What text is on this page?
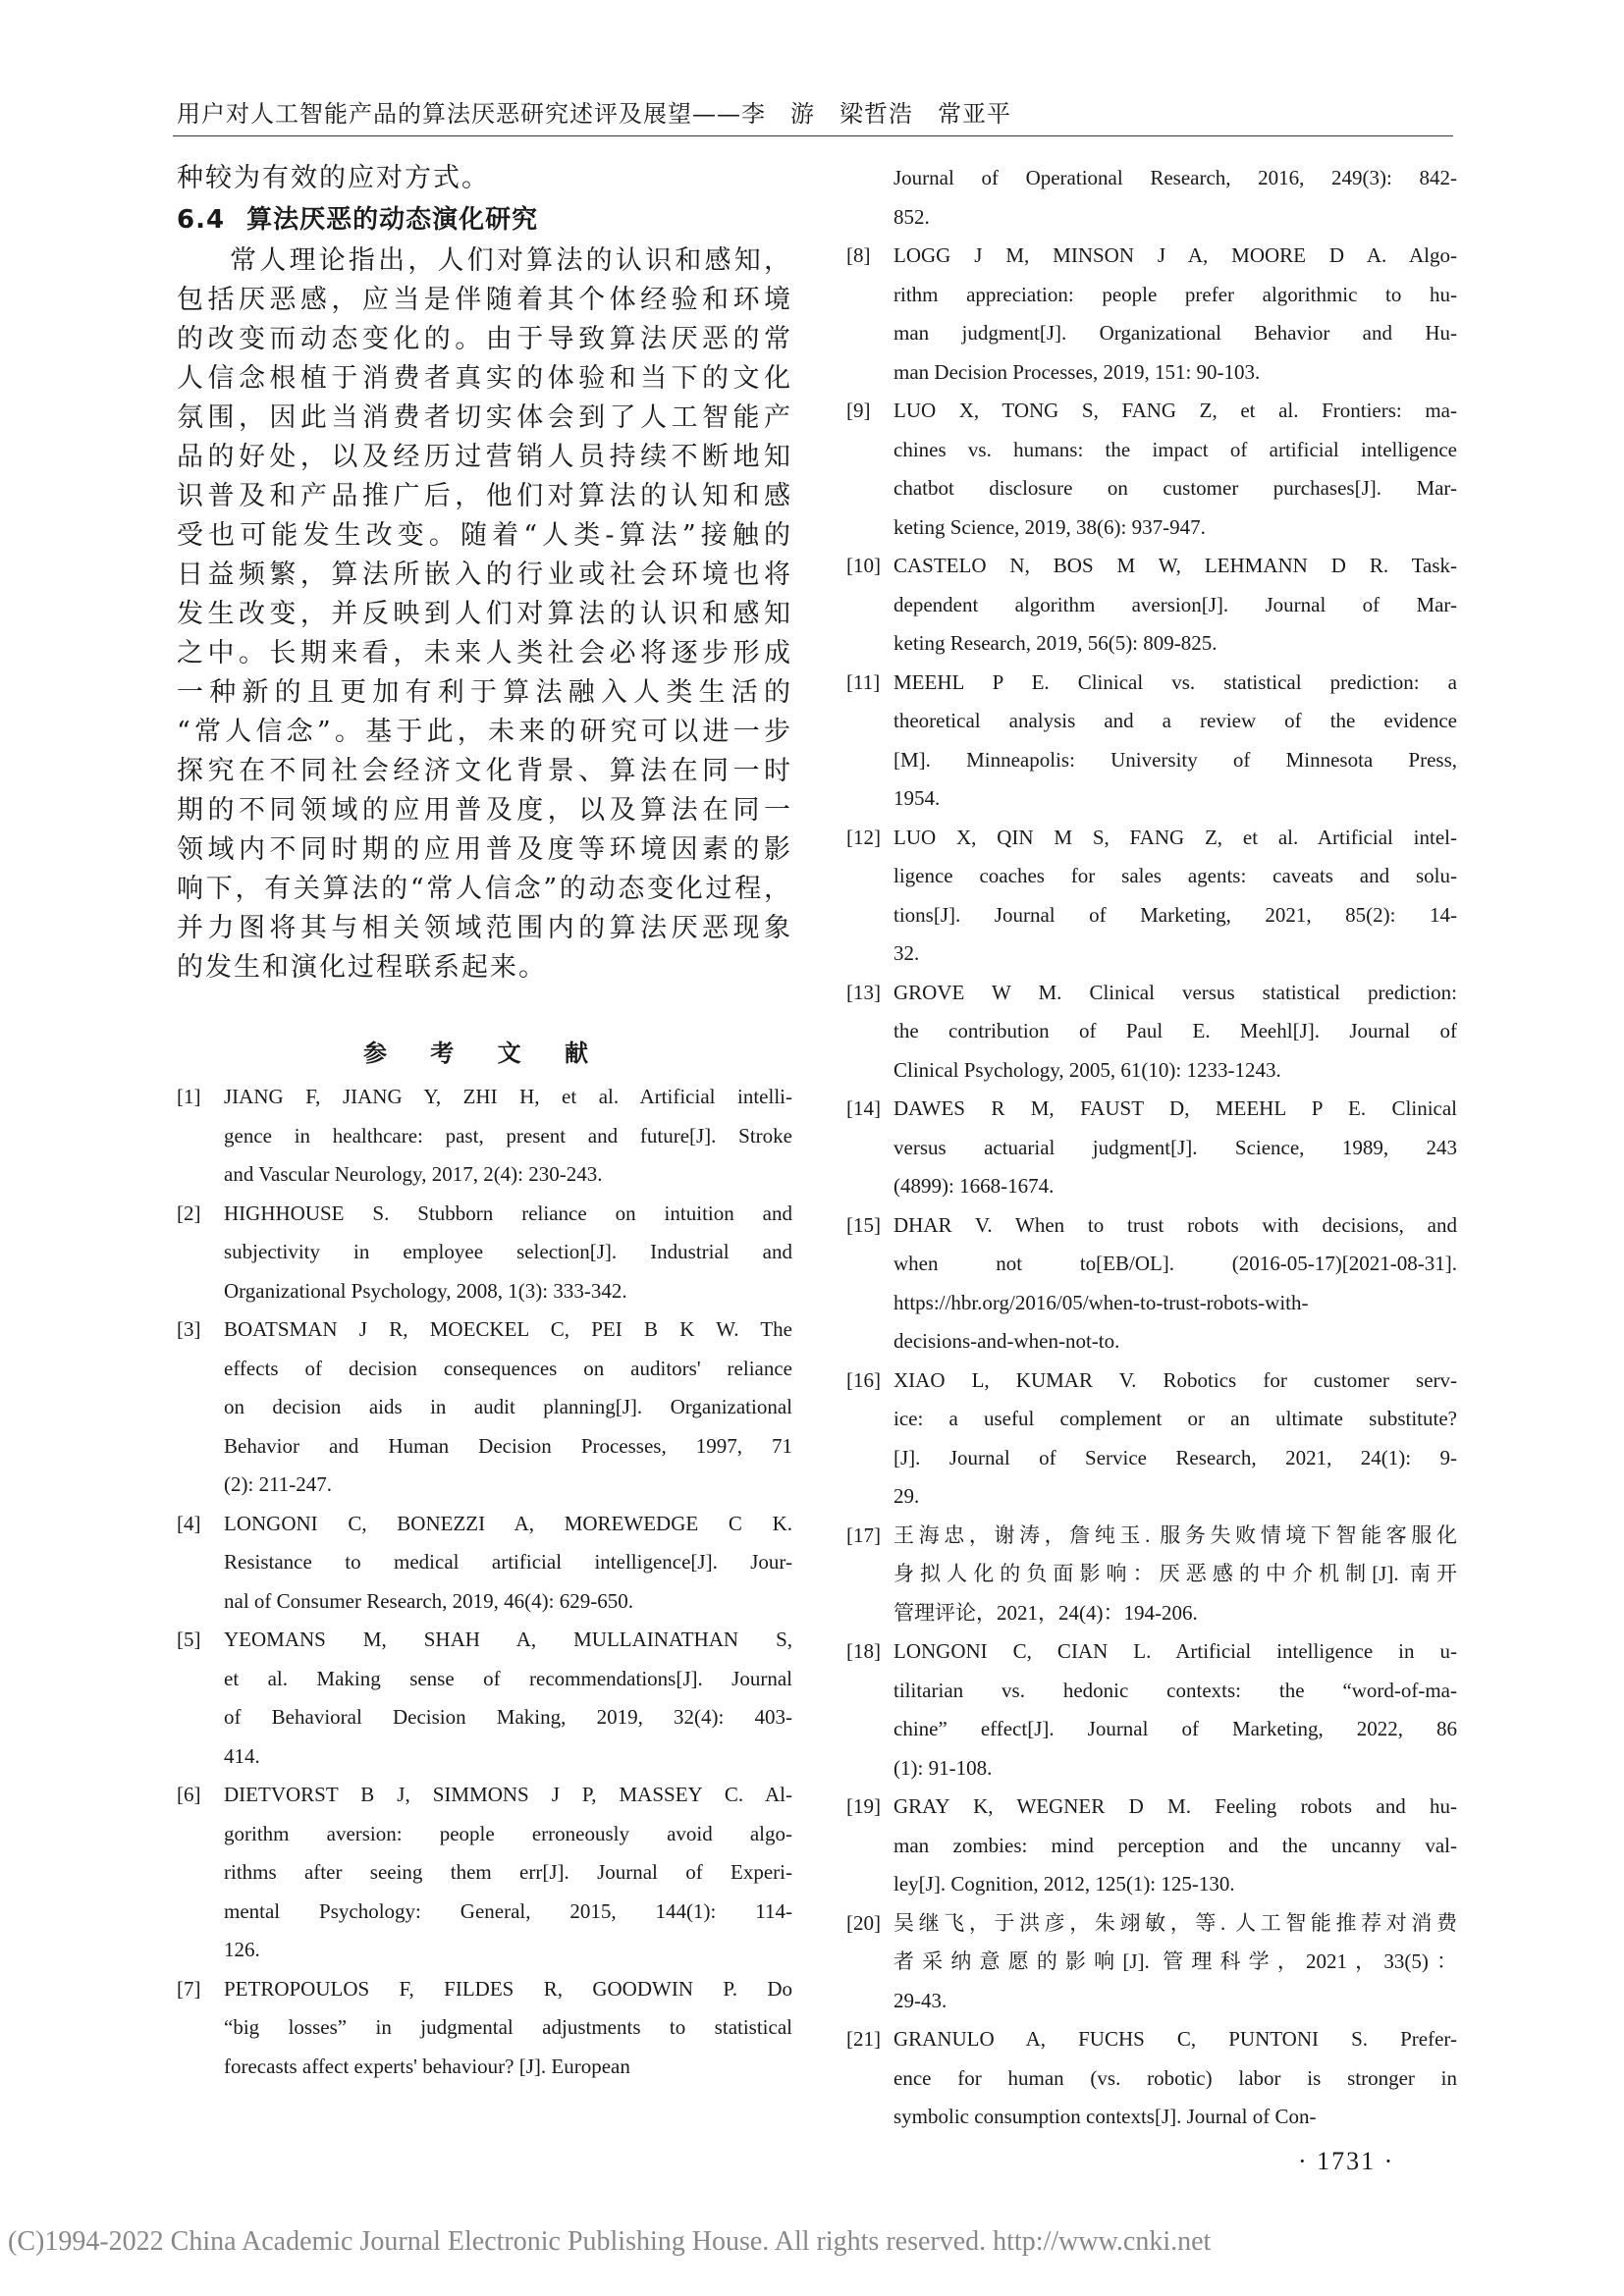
用户对人工智能产品的算法厌恶研究述评及展望——李　游　梁哲浩　常亚平
种较为有效的应对方式。
6.4 算法厌恶的动态演化研究
常人理论指出，人们对算法的认识和感知，
包括厌恶感，应当是伴随着其个体经验和环境
的改变而动态变化的。由于导致算法厌恶的常
人信念根植于消费者真实的体验和当下的文化
氛围，因此当消费者切实体会到了人工智能产
品的好处，以及经历过营销人员持续不断地知
识普及和产品推广后，他们对算法的认知和感
受也可能发生改变。随着“人类-算法”接触的
日益频繁，算法所嵌入的行业或社会环境也将
发生改变，并反映到人们对算法的认识和感知
之中。长期来看，未来人类社会必将逐步形成
一种新的且更加有利于算法融入人类生活的
“常人信念”。基于此，未来的研究可以进一步
探究在不同社会经济文化背景、算法在同一时
期的不同领域的应用普及度，以及算法在同一
领域内不同时期的应用普及度等环境因素的影
响下，有关算法的“常人信念”的动态变化过程，
并力图将其与相关领域范围内的算法厌恶现象
的发生和演化过程联系起来。
参 考 文 献
[1]	JIANG F, JIANG Y, ZHI H, et al. Artificial intelli-
gence in healthcare: past, present and future[J]. Stroke
and Vascular Neurology, 2017, 2(4): 230-243.
[2]	HIGHHOUSE S. Stubborn reliance on intuition and
subjectivity in employee selection[J]. Industrial and
Organizational Psychology, 2008, 1(3): 333-342.
[3]	BOATSMAN J R, MOECKEL C, PEI B K W. The
effects of decision consequences on auditors' reliance
on decision aids in audit planning[J]. Organizational
Behavior and Human Decision Processes, 1997, 71
(2): 211-247.
[4]	LONGONI C, BONEZZI A, MOREWEDGE C K.
Resistance to medical artificial intelligence[J]. Jour-
nal of Consumer Research, 2019, 46(4): 629-650.
[5]	YEOMANS M, SHAH A, MULLAINATHAN S,
et al. Making sense of recommendations[J]. Journal
of Behavioral Decision Making, 2019, 32(4): 403-
414.
[6]	DIETVORST B J, SIMMONS J P, MASSEY C. Al-
gorithm aversion: people erroneously avoid algo-
rithms after seeing them err[J]. Journal of Experi-
mental Psychology: General, 2015, 144(1): 114-
126.
[7]	PETROPOULOS F, FILDES R, GOODWIN P. Do
“big losses” in judgmental adjustments to statistical
forecasts affect experts' behaviour? [J]. European
Journal of Operational Research, 2016, 249(3): 842-
852.
[8]	LOGG J M, MINSON J A, MOORE D A. Algo-
rithm appreciation: people prefer algorithmic to hu-
man judgment[J]. Organizational Behavior and Hu-
man Decision Processes, 2019, 151: 90-103.
[9]	LUO X, TONG S, FANG Z, et al. Frontiers: ma-
chines vs. humans: the impact of artificial intelligence
chatbot disclosure on customer purchases[J]. Mar-
keting Science, 2019, 38(6): 937-947.
[10] CASTELO N, BOS M W, LEHMANN D R. Task-
dependent algorithm aversion[J]. Journal of Mar-
keting Research, 2019, 56(5): 809-825.
[11] MEEHL P E. Clinical vs. statistical prediction: a
theoretical analysis and a review of the evidence
[M]. Minneapolis: University of Minnesota Press,
1954.
[12] LUO X, QIN M S, FANG Z, et al. Artificial intel-
ligence coaches for sales agents: caveats and solu-
tions[J]. Journal of Marketing, 2021, 85(2): 14-
32.
[13] GROVE W M. Clinical versus statistical prediction:
the contribution of Paul E. Meehl[J]. Journal of
Clinical Psychology, 2005, 61(10): 1233-1243.
[14] DAWES R M, FAUST D, MEEHL P E. Clinical
versus actuarial judgment[J]. Science, 1989, 243
(4899): 1668-1674.
[15] DHAR V. When to trust robots with decisions, and
when not to[EB/OL]. (2016-05-17)[2021-08-31].
https://hbr.org/2016/05/when-to-trust-robots-with-
decisions-and-when-not-to.
[16] XIAO L, KUMAR V. Robotics for customer serv-
ice: a useful complement or an ultimate substitute?
[J]. Journal of Service Research, 2021, 24(1): 9-
29.
[17] 王海忠，谢涛，詹纯玉. 服务失败情境下智能客服化
身拟人化的负面影响：厌恶感的中介机制[J]. 南开
管理评论，2021，24(4)：194-206.
[18] LONGONI C, CIAN L. Artificial intelligence in u-
tilitarian vs. hedonic contexts: the “word-of-ma-
chine” effect[J]. Journal of Marketing, 2022, 86
(1): 91-108.
[19] GRAY K, WEGNER D M. Feeling robots and hu-
man zombies: mind perception and the uncanny val-
ley[J]. Cognition, 2012, 125(1): 125-130.
[20] 吴继飞，于洪彦，朱翊敏，等. 人工智能推荐对消费
者采纳意愿的影响[J]. 管理科学，2021，33(5)：
29-43.
[21] GRANULO A, FUCHS C, PUNTONI S. Prefer-
ence for human (vs. robotic) labor is stronger in
symbolic consumption contexts[J]. Journal of Con-
· 1731 ·
(C)1994-2022 China Academic Journal Electronic Publishing House. All rights reserved. http://www.cnki.net
